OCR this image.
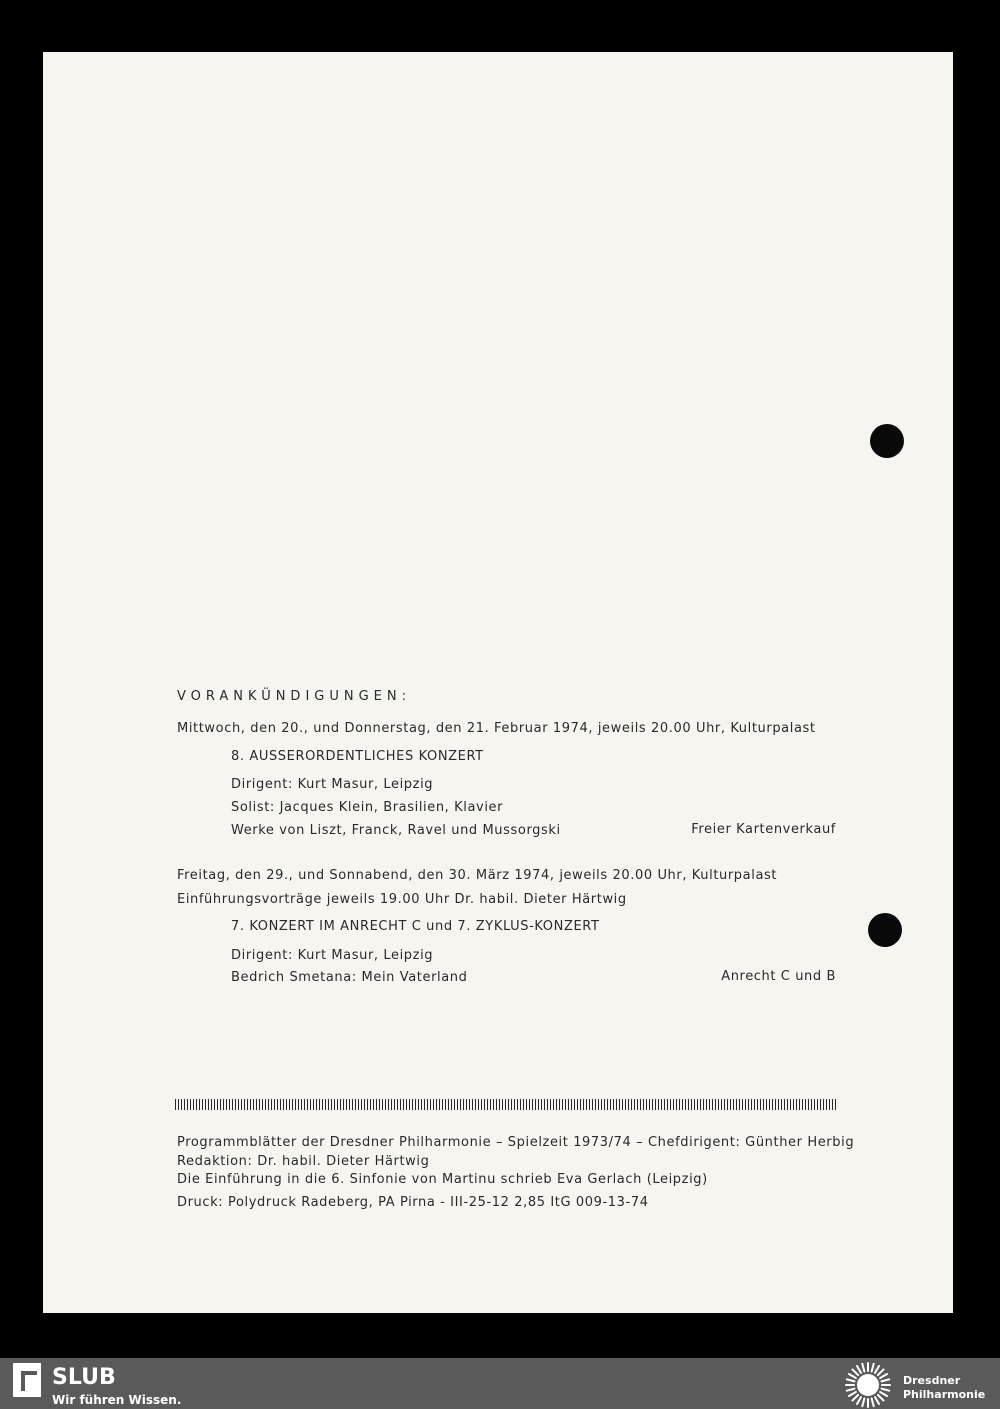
VORANKÜNDIGUNGEN:
Mittwoch, den 20., und Donnerstag, den 21. Februar 1974, jeweils 20.00 Uhr, Kulturpalast
8. AUSSERORDENTLICHES KONZERT
Dirigent: Kurt Masur, Leipzig
Solist: Jacques Klein, Brasilien, Klavier
Werke von Liszt, Franck, Ravel und Mussorgski	Freier Kartenverkauf
Freitag, den 29., und Sonnabend, den 30. März 1974, jeweils 20.00 Uhr, Kulturpalast
Einführungsvorträge jeweils 19.00 Uhr Dr. habil. Dieter Härtwig
7. KONZERT IM ANRECHT C und 7. ZYKLUS-KONZERT
Dirigent: Kurt Masur, Leipzig
Bedrich Smetana: Mein Vaterland	Anrecht C und B
Programmblätter der Dresdner Philharmonie – Spielzeit 1973/74 – Chefdirigent: Günther Herbig
Redaktion: Dr. habil. Dieter Härtwig
Die Einführung in die 6. Sinfonie von Martinu schrieb Eva Gerlach (Leipzig)
Druck: Polydruck Radeberg, PA Pirna - III-25-12 2,85 ItG 009-13-74
SLUB
Wir führen Wissen.
Dresdner
Philharmonie
